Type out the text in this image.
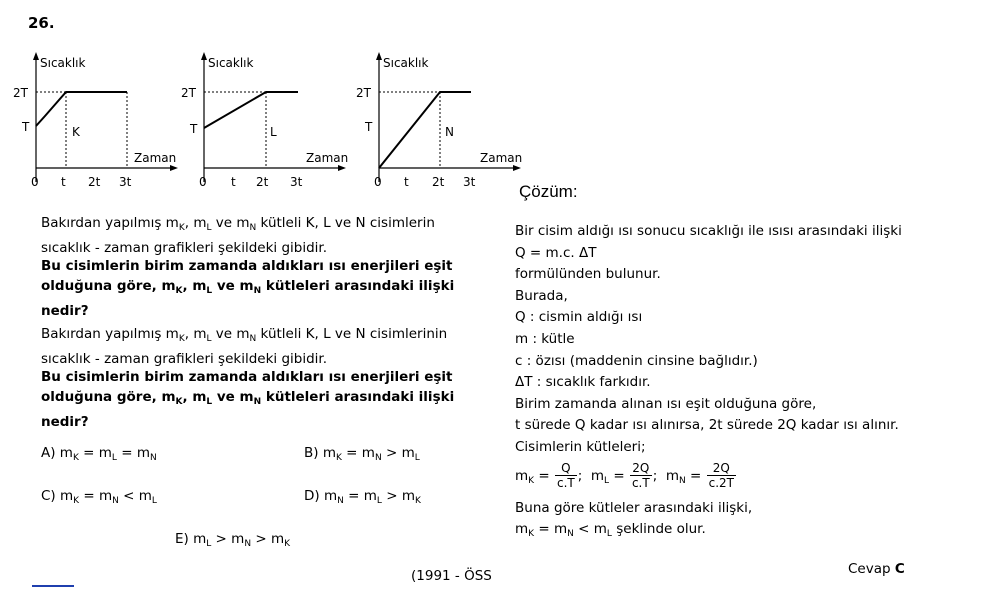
26.
Sıcaklık
Zaman
2T
T
0 t 2t 3t
K
Sıcaklık
Zaman
2T
T
0 t 2t 3t
L
Sıcaklık
Zaman
2T
T
0 t 2t 3t
N
Bakırdan yapılmış $m_K$, $m_L$ ve $m_N$ kütleli K, L ve N cisimlerin
sıcaklık - zaman grafikleri şekildeki gibidir.
Bu cisimlerin birim zamanda aldıkları ısı enerjileri eşit
olduğuna göre, $m_K$, $m_L$ ve $m_N$ kütleleri arasındaki ilişki
nedir?
Bakırdan yapılmış $m_K$, $m_L$ ve $m_N$ kütleli K, L ve N cisimlerinin
sıcaklık - zaman grafikleri şekildeki gibidir.
Bu cisimlerin birim zamanda aldıkları ısı enerjileri eşit
olduğuna göre, $m_K$, $m_L$ ve $m_N$ kütleleri arasındaki ilişki
nedir?
A) $m_K = m_L = m_N$	B) $m_K = m_N > m_L$
C) $m_K = m_N < m_L$	D) $m_N = m_L > m_K$
E) $m_L > m_N > m_K$
Çözüm:
Bir cisim aldığı ısı sonucu sıcaklığı ile ısısı arasındaki ilişki
Q = m.c. ΔT
formülünden bulunur.
Burada,
Q : cismin aldığı ısı
m : kütle
c : özısı (maddenin cinsine bağlıdır.)
ΔT : sıcaklık farkıdır.
Birim zamanda alınan ısı eşit olduğuna göre,
t sürede Q kadar ısı alınırsa, 2t sürede 2Q kadar ısı alınır.
Cisimlerin kütleleri;
$m_K = \frac{Q}{c.T}$ ;  $m_L = \frac{2Q}{c.T}$ ;  $m_N = \frac{2Q}{c.2T}$
Buna göre kütleler arasındaki ilişki,
$m_K = m_N < m_L$ şeklinde olur.
Cevap C
(1991 - ÖSS
